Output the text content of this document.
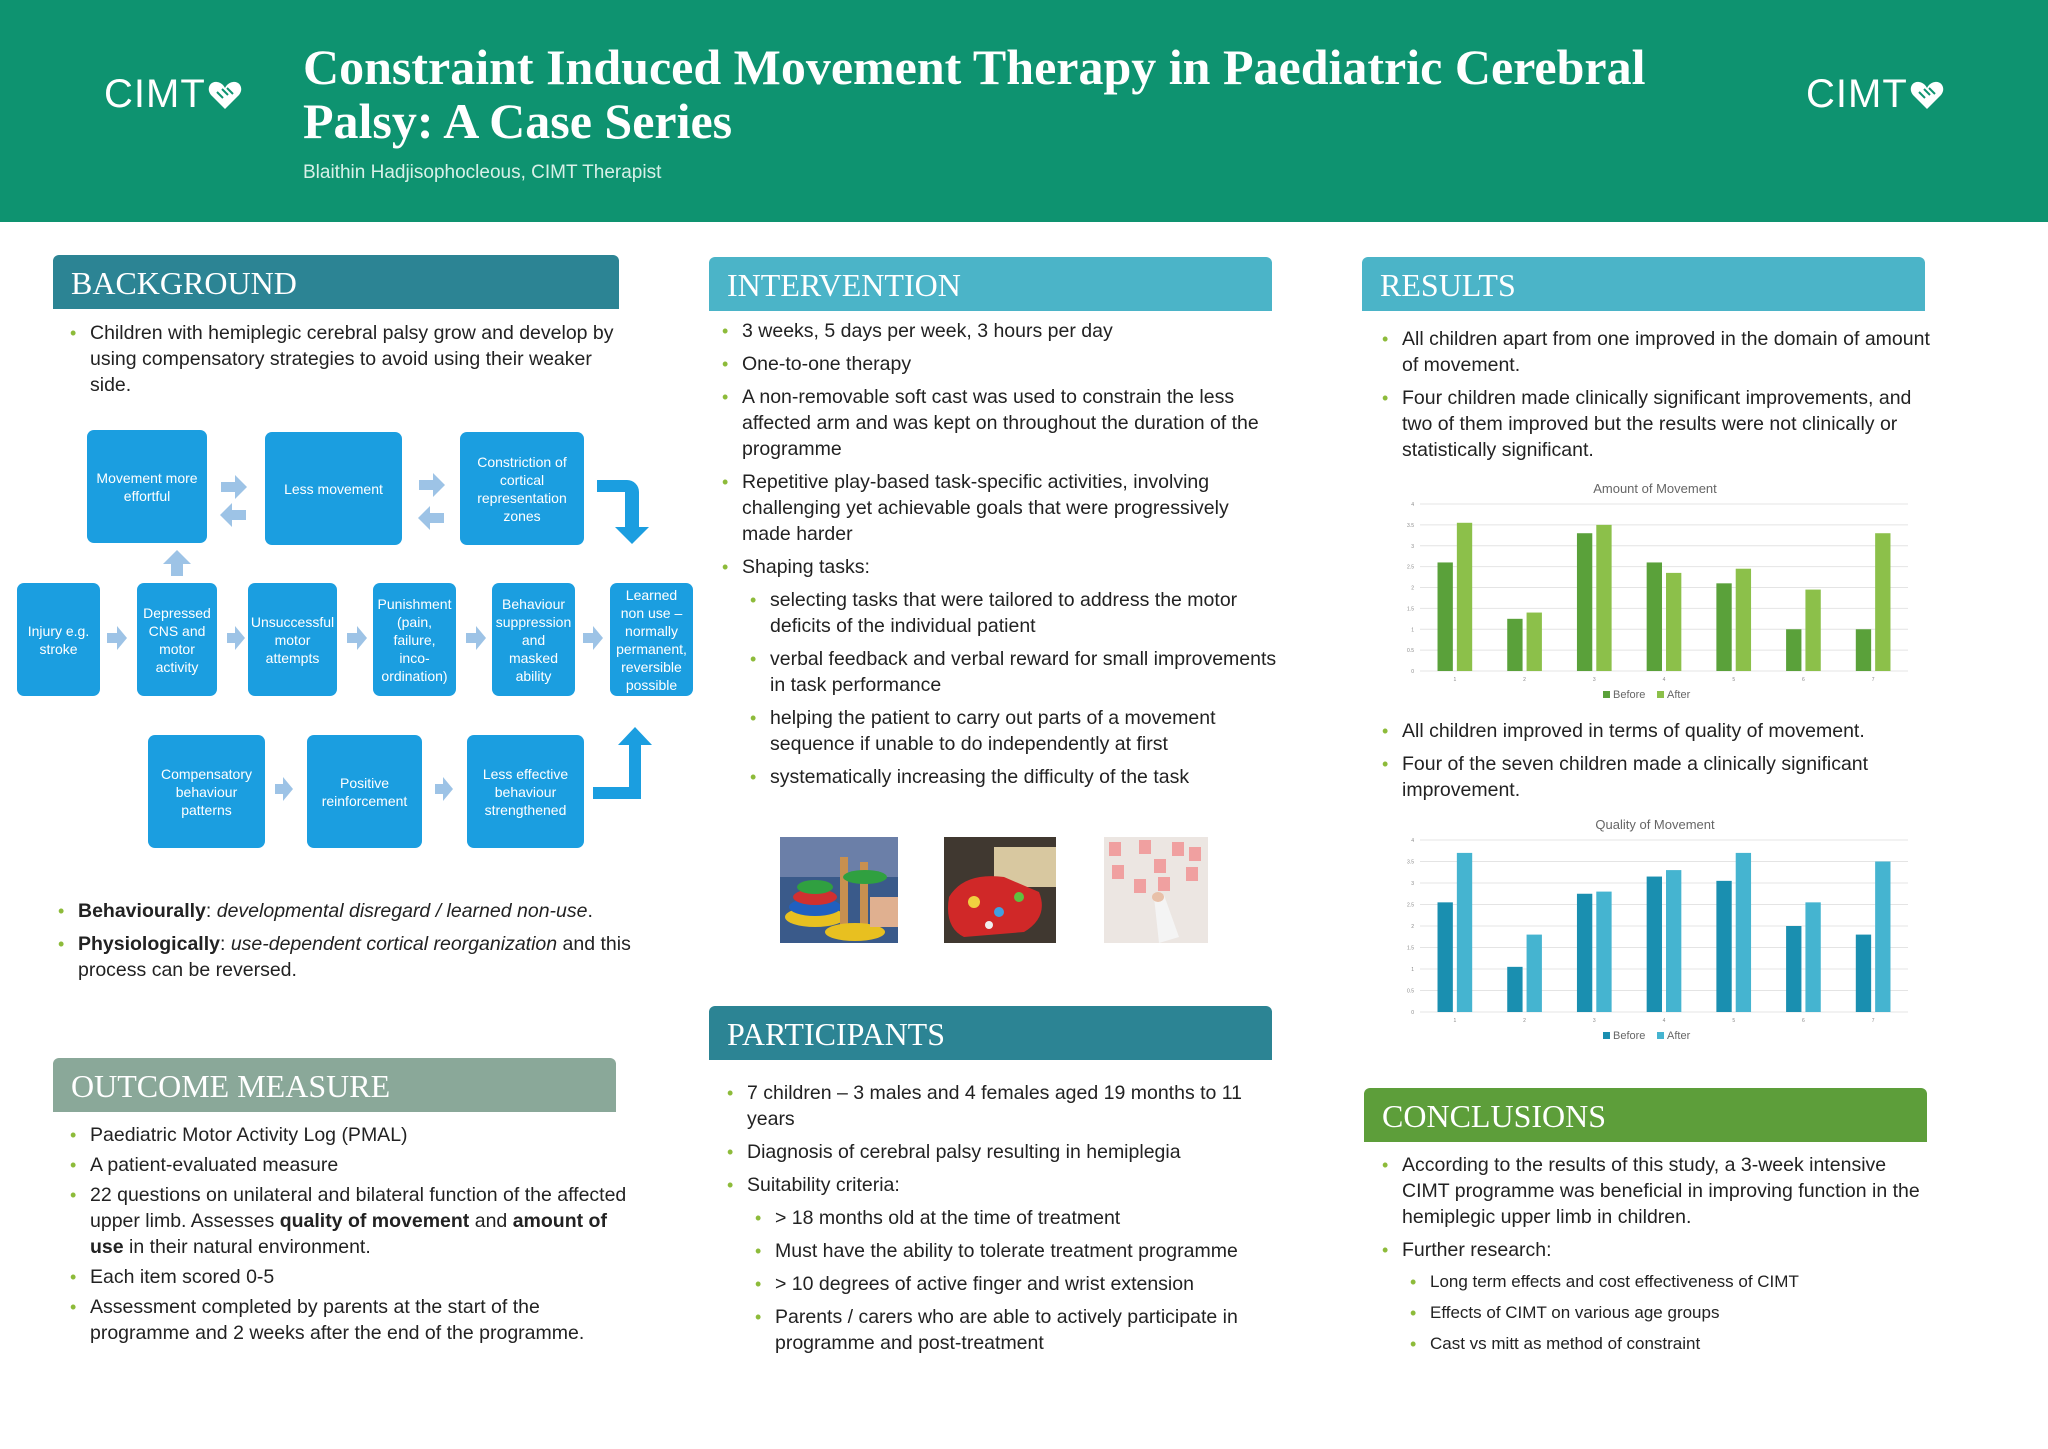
CIMT Constraint Induced Movement Therapy in Paediatric Cerebral
Palsy: A Case Series
Blaithin Hadjisophocleous, CIMT Therapist
CIMT
BACKGROUND
• Children with hemiplegic cerebral palsy grow and develop by using compensatory strategies to avoid using their weaker side.
Movement more effortful	Less movement
Constriction of cortical representation zones
Injury e.g. stroke
Depressed CNS and motor activity
Unsuccessful motor attempts
Punishment (pain, failure, inco-ordination)
Behaviour suppression and masked ability
Learned non use – normally permanent, reversible possible
Compensatory behaviour patterns
Positive reinforcement
Less effective behaviour strengthened
• Behaviourally: developmental disregard / learned non-use.
• Physiologically: use-dependent cortical reorganization and this process can be reversed.
OUTCOME MEASURE
• Paediatric Motor Activity Log (PMAL)
• A patient-evaluated measure
• 22 questions on unilateral and bilateral function of the affected upper limb. Assesses quality of movement and amount of use in their natural environment.
• Each item scored 0-5
• Assessment completed by parents at the start of the programme and 2 weeks after the end of the programme.
INTERVENTION
• 3 weeks, 5 days per week, 3 hours per day
• One-to-one therapy
• A non-removable soft cast was used to constrain the less affected arm and was kept on throughout the duration of the programme
• Repetitive play-based task-specific activities, involving challenging yet achievable goals that were progressively made harder
• Shaping tasks:
• selecting tasks that were tailored to address the motor deficits of the individual patient
• verbal feedback and verbal reward for small improvements in task performance
• helping the patient to carry out parts of a movement sequence if unable to do independently at first
• systematically increasing the difficulty of the task
PARTICIPANTS
• 7 children – 3 males and 4 females aged 19 months to 11 years
• Diagnosis of cerebral palsy resulting in hemiplegia
• Suitability criteria:
• > 18 months old at the time of treatment
• Must have the ability to tolerate treatment programme
• > 10 degrees of active finger and wrist extension
• Parents / carers who are able to actively participate in programme and post-treatment
RESULTS
• All children apart from one improved in the domain of amount of movement.
• Four children made clinically significant improvements, and two of them improved but the results were not clinically or statistically significant.
Amount of Movement
0
0.5
1
1.5
2
2.5
3
3.5
4
1	2	3	4	5	6	7
Before After
• All children improved in terms of quality of movement.
• Four of the seven children made a clinically significant improvement.
Quality of Movement
0
0.5
1
1.5
2
2.5
3
3.5
4
1	2	3	4	5	6	7
Before After
CONCLUSIONS
• According to the results of this study, a 3-week intensive CIMT programme was beneficial in improving function in the hemiplegic upper limb in children.
• Further research:
• Long term effects and cost effectiveness of CIMT
• Effects of CIMT on various age groups
• Cast vs mitt as method of constraint
